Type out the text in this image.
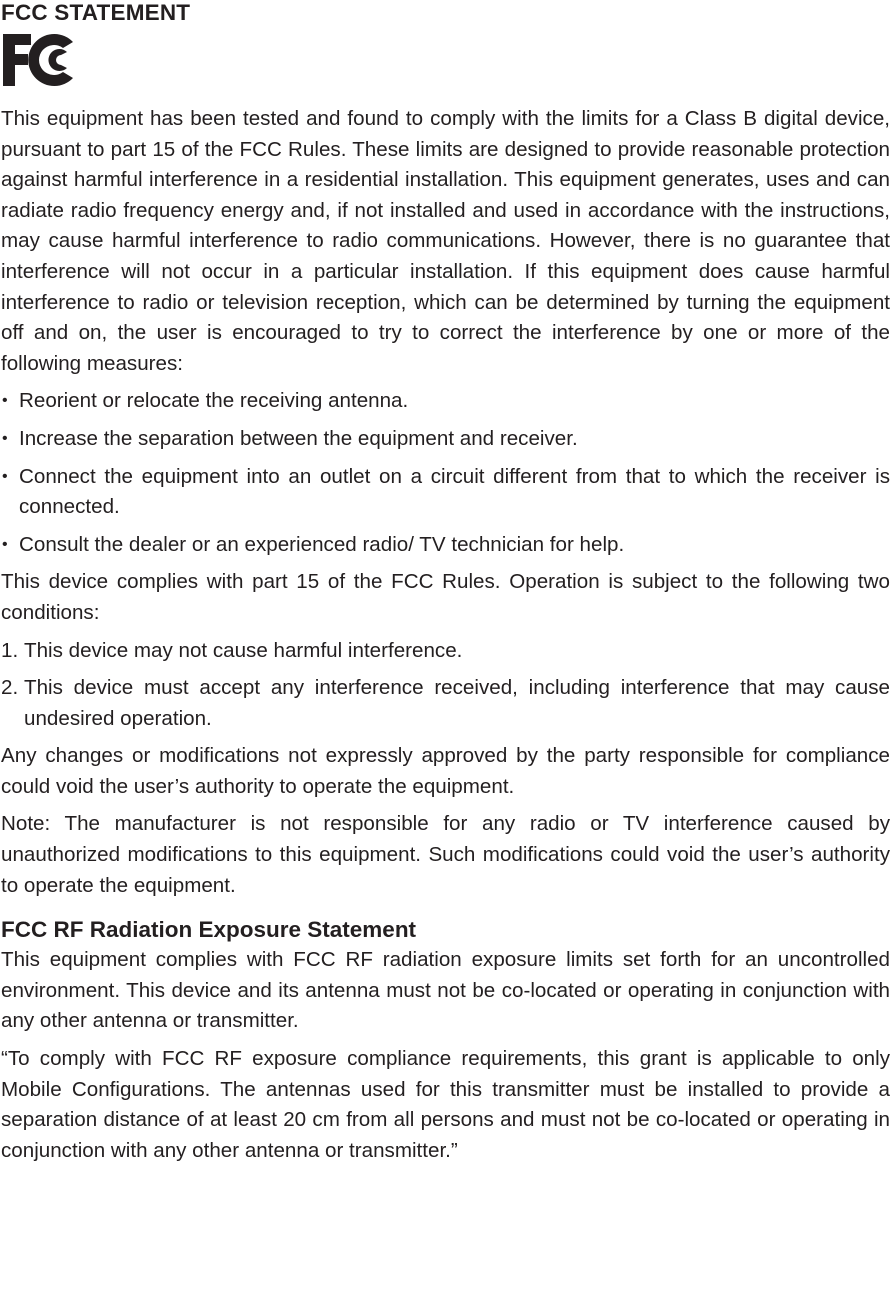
FCC STATEMENT

This equipment has been tested and found to comply with the limits for a Class B digital device, pursuant to part 15 of the FCC Rules. These limits are designed to provide reasonable protection against harmful interference in a residential installation. This equipment generates, uses and can radiate radio frequency energy and, if not installed and used in accordance with the instructions, may cause harmful interference to radio communications. However, there is no guarantee that interference will not occur in a particular installation. If this equipment does cause harmful interference to radio or television reception, which can be determined by turning the equipment off and on, the user is encouraged to try to correct the interference by one or more of the following measures:

• Reorient or relocate the receiving antenna.
• Increase the separation between the equipment and receiver.
• Connect the equipment into an outlet on a circuit different from that to which the receiver is connected.
• Consult the dealer or an experienced radio/ TV technician for help.

This device complies with part 15 of the FCC Rules. Operation is subject to the following two conditions:

1. This device may not cause harmful interference.
2. This device must accept any interference received, including interference that may cause undesired operation.

Any changes or modifications not expressly approved by the party responsible for compliance could void the user’s authority to operate the equipment.

Note: The manufacturer is not responsible for any radio or TV interference caused by unauthorized modifications to this equipment. Such modifications could void the user’s authority to operate the equipment.

FCC RF Radiation Exposure Statement

This equipment complies with FCC RF radiation exposure limits set forth for an uncontrolled environment. This device and its antenna must not be co-located or operating in conjunction with any other antenna or transmitter.

“To comply with FCC RF exposure compliance requirements, this grant is applicable to only Mobile Configurations. The antennas used for this transmitter must be installed to provide a separation distance of at least 20 cm from all persons and must not be co-located or operating in conjunction with any other antenna or transmitter.”
